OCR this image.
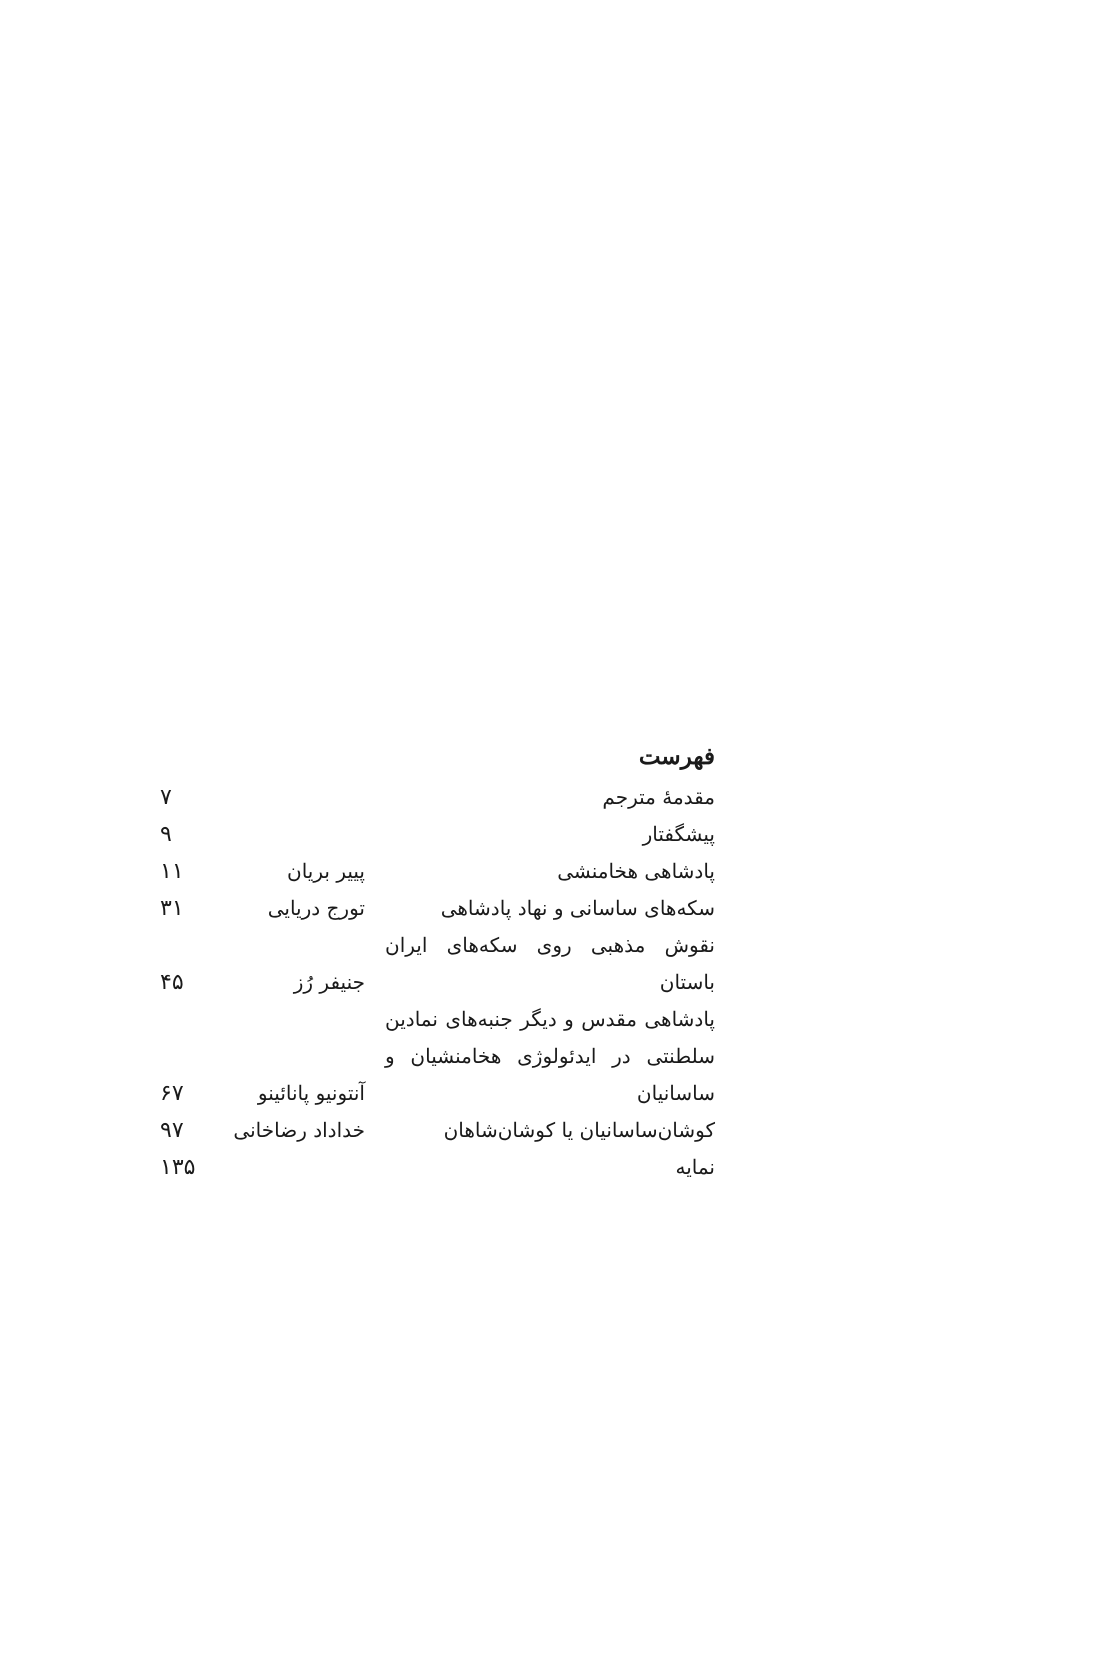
فهرست
مقدمهٔ مترجم
۷
پیشگفتار
۹
پادشاهی هخامنشی
پییر بریان
۱۱
سکه‌های ساسانی و نهاد پادشاهی
تورج دریایی
۳۱
نقوش مذهبی روی سکه‌های ایران
باستان
جنیفر رُز
۴۵
پادشاهی مقدس و دیگر جنبه‌های نمادین
سلطنتی در ایدئولوژی هخامنشیان و
ساسانیان
آنتونیو پانائینو
۶۷
کوشان‌ساسانیان یا کوشان‌شاهان
خداداد رضاخانی
۹۷
نمایه
۱۳۵
